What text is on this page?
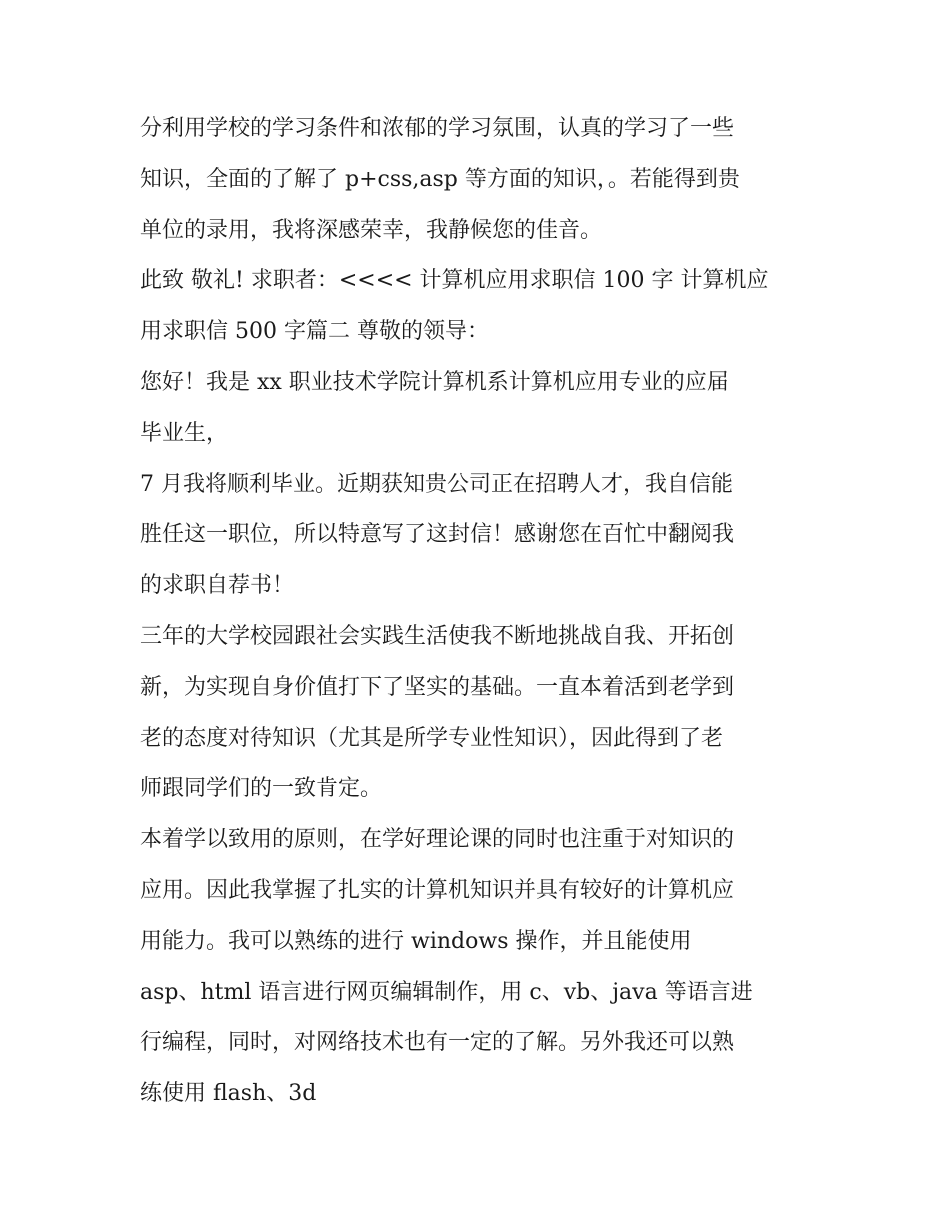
分利用学校的学习条件和浓郁的学习氛围，认真的学习了一些
知识，全面的了解了 p+css,asp 等方面的知识，。若能得到贵
单位的录用，我将深感荣幸，我静候您的佳音。
此致 敬礼! 求职者：<<<< 计算机应用求职信 100 字 计算机应
用求职信 500 字篇二 尊敬的领导：
您好！我是 xx 职业技术学院计算机系计算机应用专业的应届
毕业生，
7 月我将顺利毕业。近期获知贵公司正在招聘人才，我自信能
胜任这一职位，所以特意写了这封信！感谢您在百忙中翻阅我
的求职自荐书！
三年的大学校园跟社会实践生活使我不断地挑战自我、开拓创
新，为实现自身价值打下了坚实的基础。一直本着活到老学到
老的态度对待知识（尤其是所学专业性知识），因此得到了老
师跟同学们的一致肯定。
本着学以致用的原则，在学好理论课的同时也注重于对知识的
应用。因此我掌握了扎实的计算机知识并具有较好的计算机应
用能力。我可以熟练的进行 windows 操作，并且能使用
asp、html 语言进行网页编辑制作，用 c、vb、java 等语言进
行编程，同时，对网络技术也有一定的了解。另外我还可以熟
练使用 flash、3d
